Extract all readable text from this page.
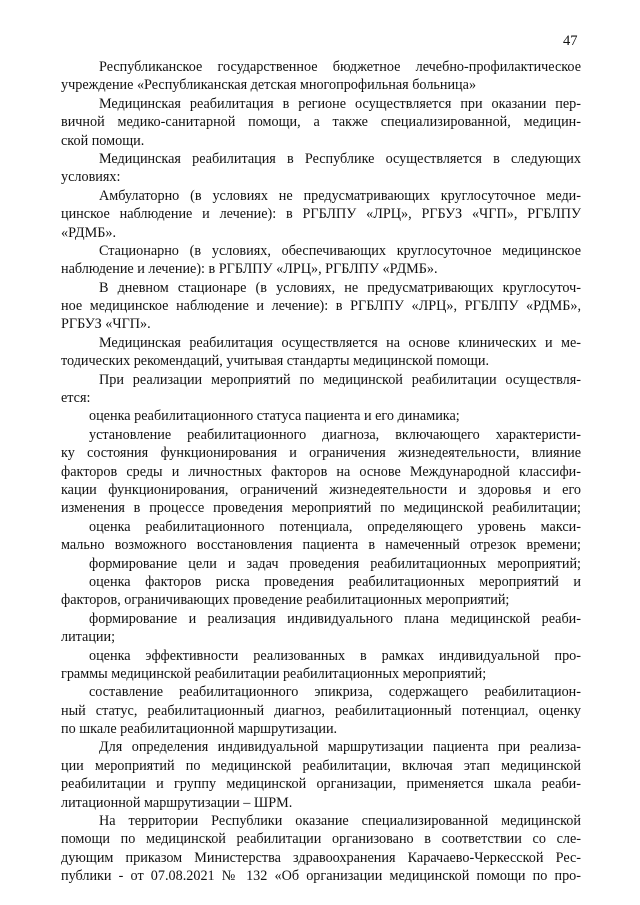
47
Республиканское государственное бюджетное лечебно-профилактическое
учреждение «Республиканская детская многопрофильная больница»
Медицинская реабилитация в регионе осуществляется при оказании пер-
вичной медико-санитарной помощи, а также специализированной, медицин-
ской помощи.
Медицинская реабилитация в Республике осуществляется в следующих
условиях:
Амбулаторно (в условиях не предусматривающих круглосуточное меди-
цинское наблюдение и лечение): в РГБЛПУ «ЛРЦ», РГБУЗ «ЧГП», РГБЛПУ
«РДМБ».
Стационарно (в условиях, обеспечивающих круглосуточное медицинское
наблюдение и лечение): в РГБЛПУ «ЛРЦ», РГБЛПУ «РДМБ».
В дневном стационаре (в условиях, не предусматривающих круглосуточ-
ное медицинское наблюдение и лечение): в РГБЛПУ «ЛРЦ», РГБЛПУ «РДМБ»,
РГБУЗ «ЧГП».
Медицинская реабилитация осуществляется на основе клинических и ме-
тодических рекомендаций, учитывая стандарты медицинской помощи.
При реализации мероприятий по медицинской реабилитации осуществля-
ется:
оценка реабилитационного статуса пациента и его динамика;
установление реабилитационного диагноза, включающего характеристи-
ку состояния функционирования и ограничения жизнедеятельности, влияние
факторов среды и личностных факторов на основе Международной классифи-
кации функционирования, ограничений жизнедеятельности и здоровья и его
изменения в процессе проведения мероприятий по медицинской реабилитации;
оценка реабилитационного потенциала, определяющего уровень макси-
мально возможного восстановления пациента в намеченный отрезок времени;
формирование цели и задач проведения реабилитационных мероприятий;
оценка факторов риска проведения реабилитационных мероприятий и
факторов, ограничивающих проведение реабилитационных мероприятий;
формирование и реализация индивидуального плана медицинской реаби-
литации;
оценка эффективности реализованных в рамках индивидуальной про-
граммы медицинской реабилитации реабилитационных мероприятий;
составление реабилитационного эпикриза, содержащего реабилитацион-
ный статус, реабилитационный диагноз, реабилитационный потенциал, оценку
по шкале реабилитационной маршрутизации.
Для определения индивидуальной маршрутизации пациента при реализа-
ции мероприятий по медицинской реабилитации, включая этап медицинской
реабилитации и группу медицинской организации, применяется шкала реаби-
литационной маршрутизации – ШРМ.
На территории Республики оказание специализированной медицинской
помощи по медицинской реабилитации организовано в соответствии со сле-
дующим приказом Министерства здравоохранения Карачаево-Черкесской Рес-
публики - от 07.08.2021 № 132 «Об организации медицинской помощи по про-
